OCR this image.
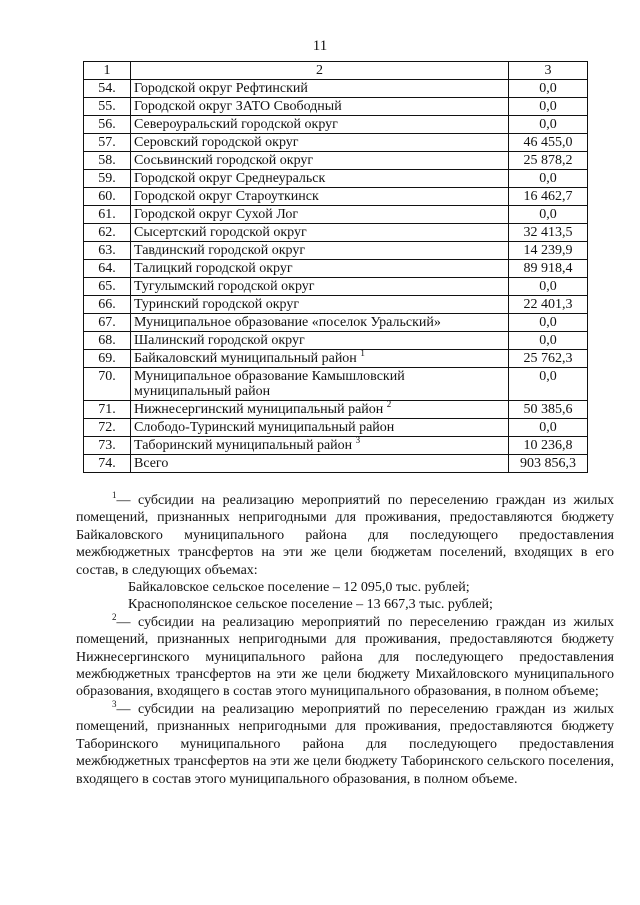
11
1	2	3
54.	Городской округ Рефтинский	0,0
55.	Городской округ ЗАТО Свободный	0,0
56.	Североуральский городской округ	0,0
57.	Серовский городской округ	46 455,0
58.	Сосьвинский городской округ	25 878,2
59.	Городской округ Среднеуральск	0,0
60.	Городской округ Староуткинск	16 462,7
61.	Городской округ Сухой Лог	0,0
62.	Сысертский городской округ	32 413,5
63.	Тавдинский городской округ	14 239,9
64.	Талицкий городской округ	89 918,4
65.	Тугулымский городской округ	0,0
66.	Туринский городской округ	22 401,3
67.	Муниципальное образование «поселок Уральский»	0,0
68.	Шалинский городской округ	0,0
69.	Байкаловский муниципальный район $^1$	25 762,3
70.	Муниципальное образование Камышловский муниципальный район	0,0
71.	Нижнесергинский муниципальный район $^2$	50 385,6
72.	Слободо-Туринский муниципальный район	0,0
73.	Таборинский муниципальный район $^3$	10 236,8
74.	Всего	903 856,3

$^1$— субсидии на реализацию мероприятий по переселению граждан из жилых помещений, признанных непригодными для проживания, предоставляются бюджету Байкаловского муниципального района для последующего предоставления межбюджетных трансфертов на эти же цели бюджетам поселений, входящих в его состав, в следующих объемах:

Байкаловское сельское поселение – 12 095,0 тыс. рублей;

Краснополянское сельское поселение – 13 667,3 тыс. рублей;

$^2$— субсидии на реализацию мероприятий по переселению граждан из жилых помещений, признанных непригодными для проживания, предоставляются бюджету Нижнесергинского муниципального района для последующего предоставления межбюджетных трансфертов на эти же цели бюджету Михайловского муниципального образования, входящего в состав этого муниципального образования, в полном объеме;

$^3$— субсидии на реализацию мероприятий по переселению граждан из жилых помещений, признанных непригодными для проживания, предоставляются бюджету Таборинского муниципального района для последующего предоставления межбюджетных трансфертов на эти же цели бюджету Таборинского сельского поселения, входящего в состав этого муниципального образования, в полном объеме.
